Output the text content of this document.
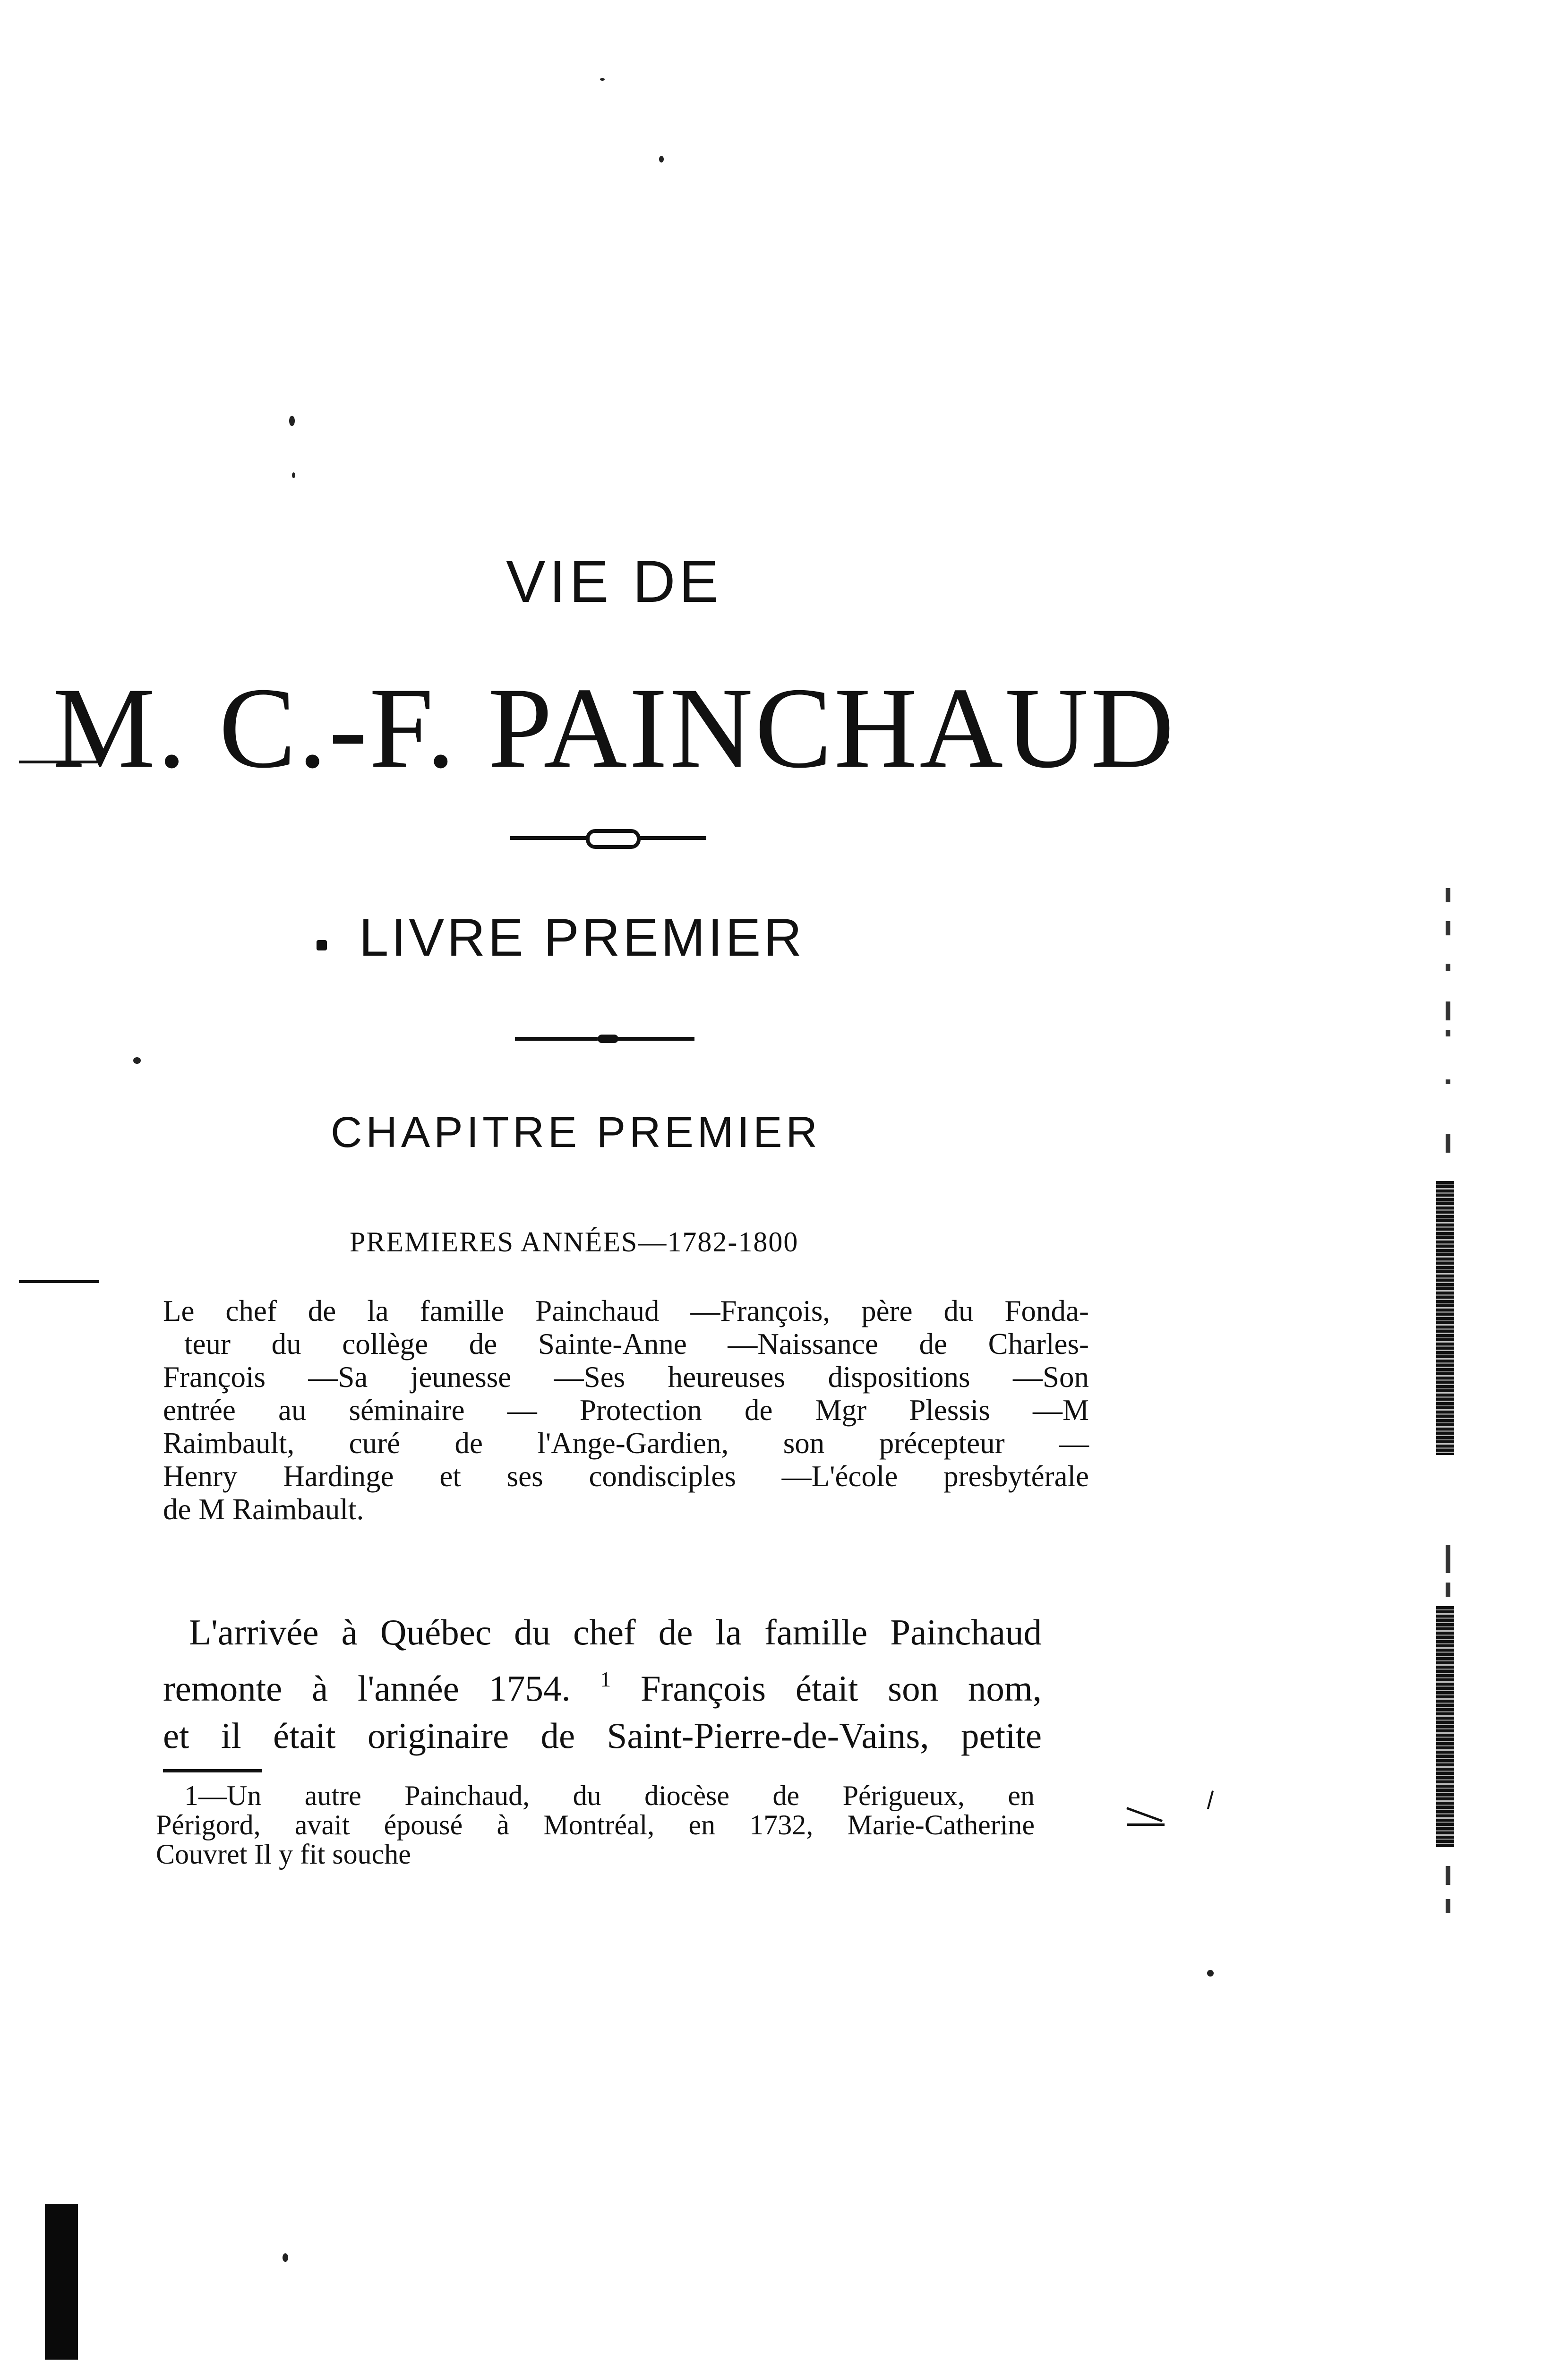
VIE DE
M. C.-F. PAINCHAUD
LIVRE PREMIER
CHAPITRE PREMIER
PREMIERES ANNÉES—1782-1800
Le chef de la famille Painchaud —François, père du Fonda-
teur du collège de Sainte-Anne —Naissance de Charles-
François —Sa jeunesse —Ses heureuses dispositions —Son
entrée au séminaire — Protection de Mgr Plessis —M
Raimbault, curé de l'Ange-Gardien, son précepteur —
Henry Hardinge et ses condisciples —L'école presbytérale
de M Raimbault.
L'arrivée à Québec du chef de la famille Painchaud
remonte à l'année 1754. $^1$ François était son nom,
et il était originaire de Saint-Pierre-de-Vains, petite
1—Un autre Painchaud, du diocèse de Périgueux, en
Périgord, avait épousé à Montréal, en 1732, Marie-Catherine
Couvret Il y fit souche
